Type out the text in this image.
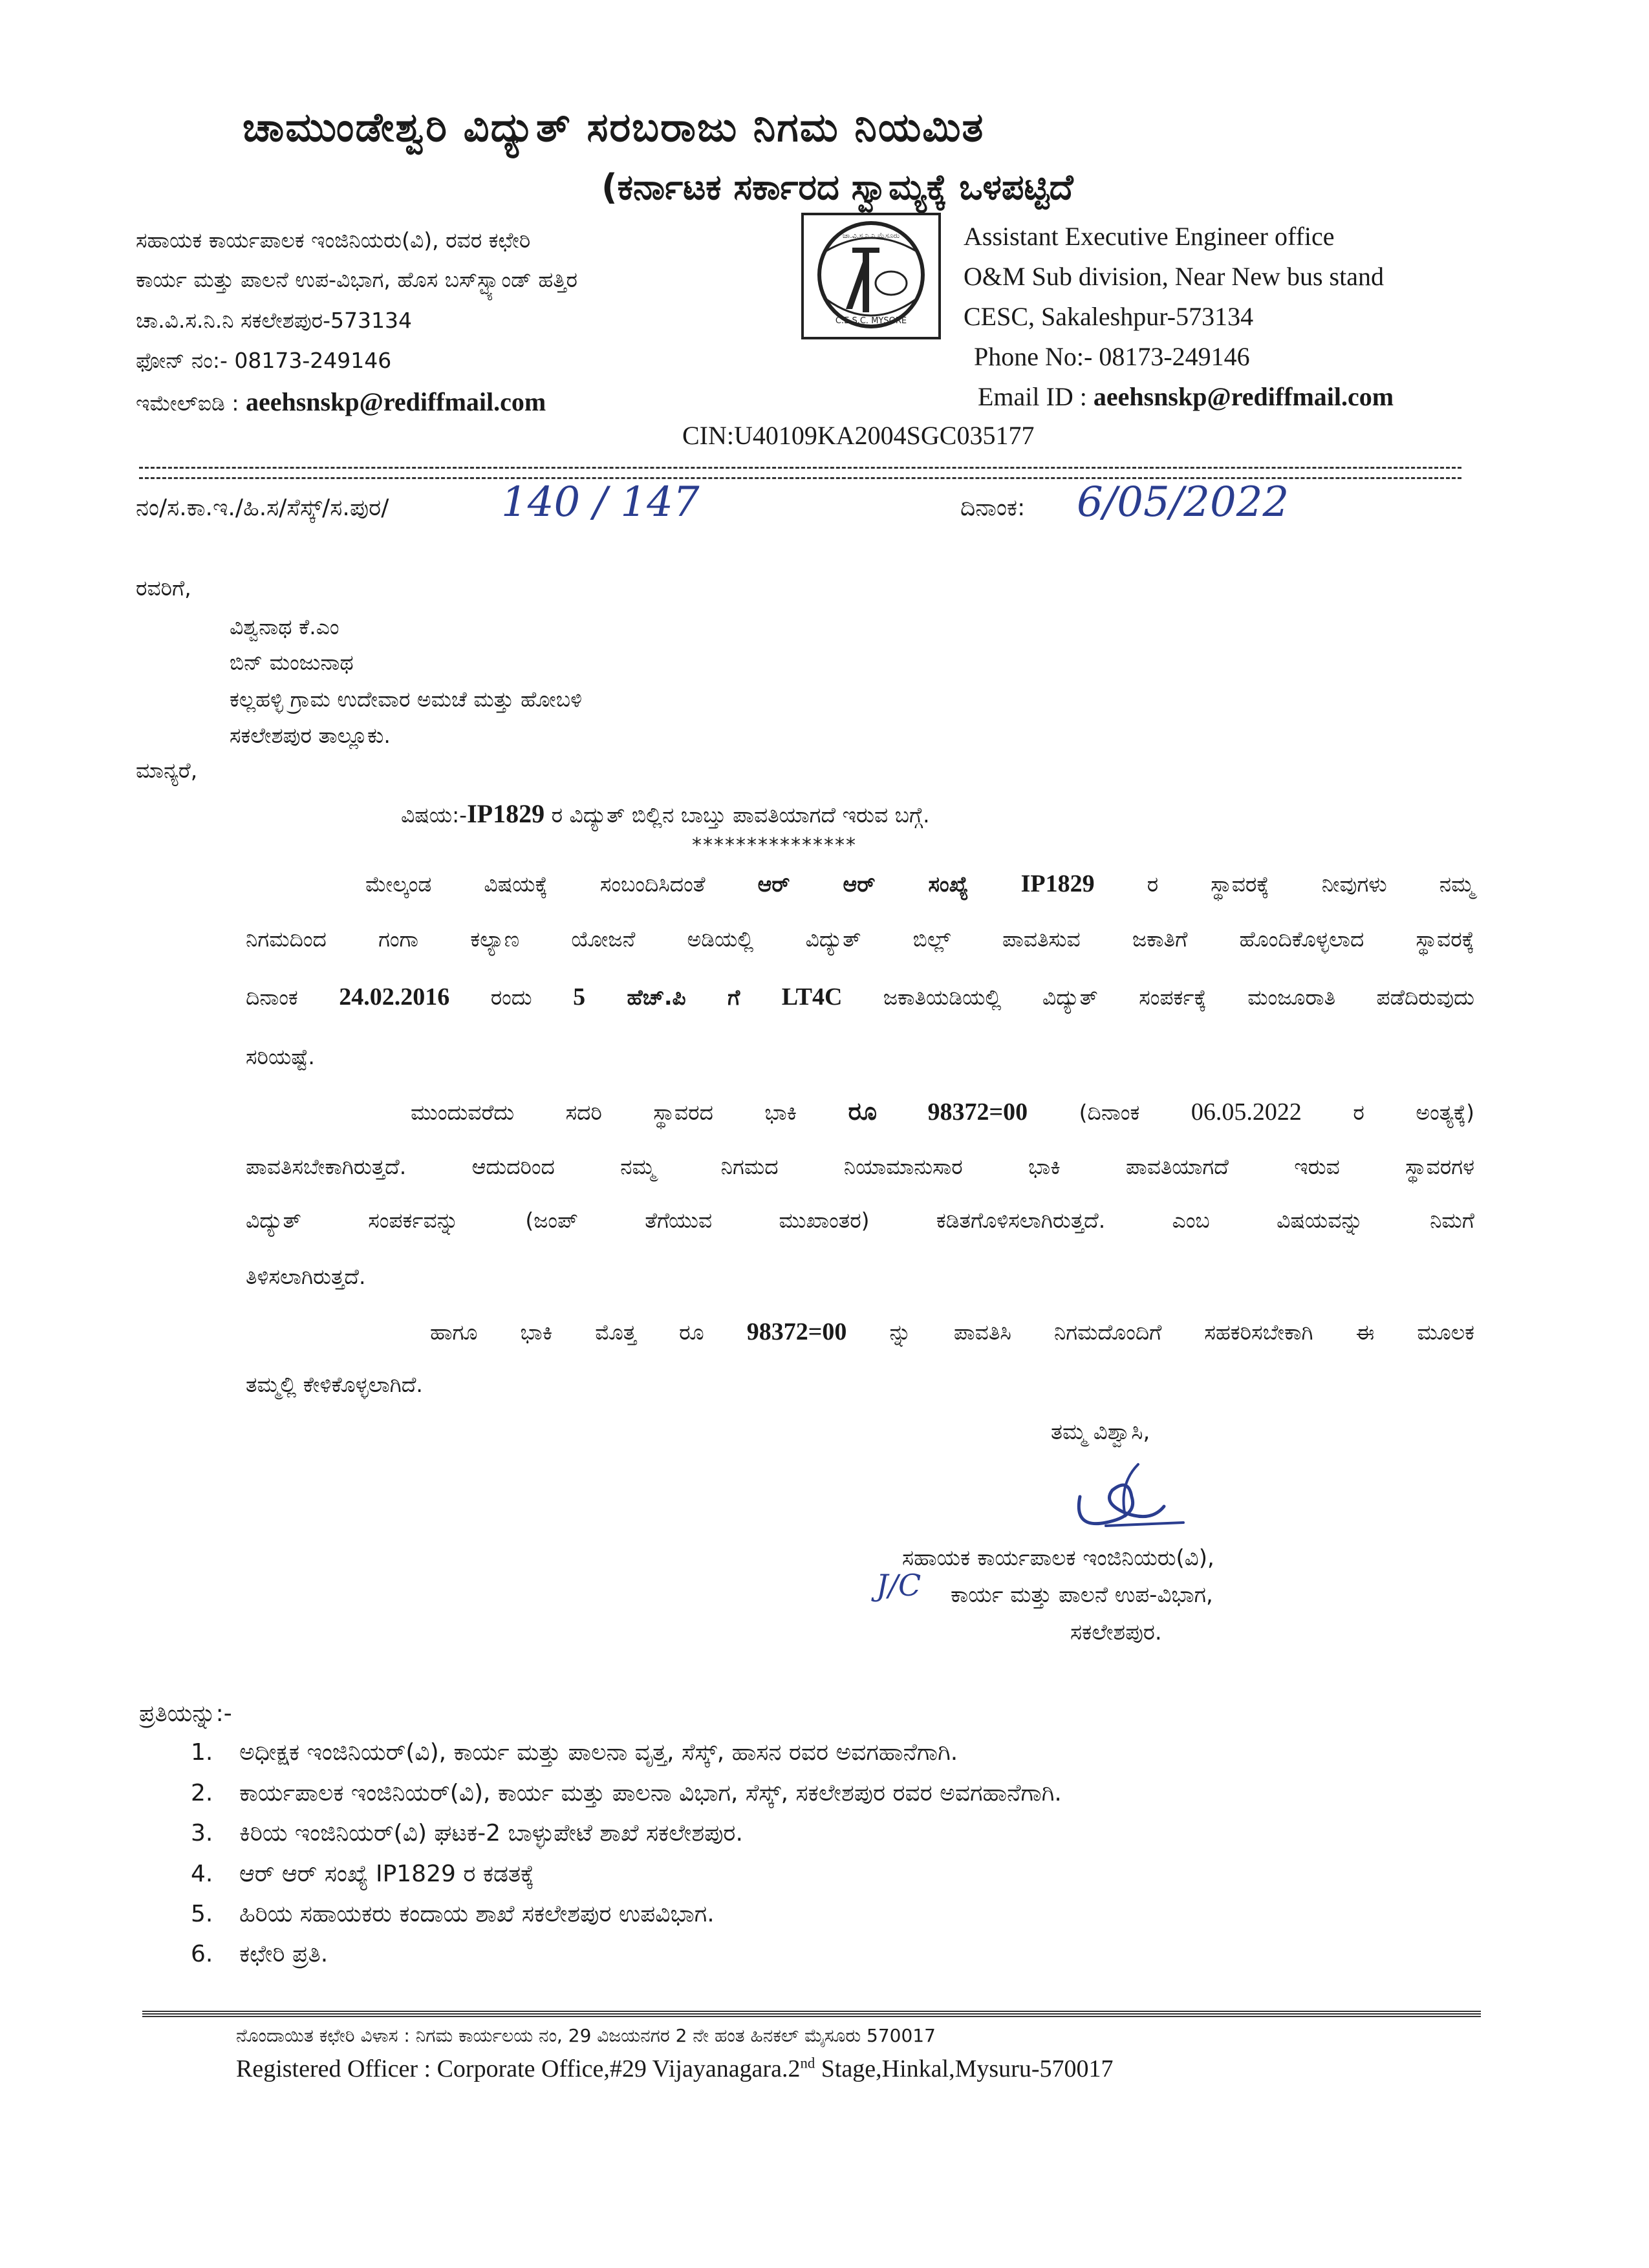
ಚಾಮುಂಡೇಶ್ವರಿ ವಿದ್ಯುತ್ ಸರಬರಾಜು ನಿಗಮ ನಿಯಮಿತ
(ಕರ್ನಾಟಕ ಸರ್ಕಾರದ ಸ್ವಾಮ್ಯಕ್ಕೆ ಒಳಪಟ್ಟಿದೆ
ಸಹಾಯಕ ಕಾರ್ಯಪಾಲಕ ಇಂಜಿನಿಯರು(ವಿ), ರವರ ಕಛೇರಿ
ಕಾರ್ಯ ಮತ್ತು ಪಾಲನೆ ಉಪ-ವಿಭಾಗ, ಹೊಸ ಬಸ್‌ಸ್ಟ್ಯಾಂಡ್ ಹತ್ತಿರ
ಚಾ.ವಿ.ಸ.ನಿ.ನಿ ಸಕಲೇಶಪುರ-573134
ಫೋನ್ ನಂ:- 08173-249146
ಇಮೇಲ್‌ಐಡಿ : aeehsnskp@rediffmail.com
ಚಾ.ವಿ.ಸ.ನಿ.ನಿ ಮೈಸೂರು
C.E.S.C. MYSORE
Assistant Executive Engineer office
O&M Sub division, Near New bus stand
CESC, Sakaleshpur-573134
Phone No:- 08173-249146
Email ID : aeehsnskp@rediffmail.com
CIN:U40109KA2004SGC035177
ನಂ/ಸ.ಕಾ.ಇ./ಹಿ.ಸ/ಸೆಸ್ಕ್/ಸ.ಪುರ/	140 / 147	ದಿನಾಂಕ: 6/05/2022
ರವರಿಗೆ,
ವಿಶ್ವನಾಥ ಕೆ.ಎಂ
ಬಿನ್ ಮಂಜುನಾಥ
ಕಲ್ಲಹಳ್ಳಿ ಗ್ರಾಮ ಉದೇವಾರ ಅಮಚೆ ಮತ್ತು ಹೋಬಳಿ
ಸಕಲೇಶಪುರ ತಾಲ್ಲೂಕು.
ಮಾನ್ಯರೆ,
ವಿಷಯ:-IP1829 ರ ವಿದ್ಯುತ್ ಬಿಲ್ಲಿನ ಬಾಬ್ತು ಪಾವತಿಯಾಗದೆ ಇರುವ ಬಗ್ಗೆ.
***************
ಮೇಲ್ಕಂಡ ವಿಷಯಕ್ಕೆ ಸಂಬಂದಿಸಿದಂತೆ ಆರ್ ಆರ್ ಸಂಖ್ಯೆ IP1829 ರ ಸ್ಥಾವರಕ್ಕೆ ನೀವುಗಳು ನಮ್ಮ
ನಿಗಮದಿಂದ ಗಂಗಾ ಕಲ್ಯಾಣ ಯೋಜನೆ ಅಡಿಯಲ್ಲಿ ವಿದ್ಯುತ್ ಬಿಲ್ಲ್ ಪಾವತಿಸುವ ಜಕಾತಿಗೆ ಹೊಂದಿಕೊಳ್ಳಲಾದ ಸ್ಥಾವರಕ್ಕೆ
ದಿನಾಂಕ 24.02.2016 ರಂದು 5 ಹೆಚ್.ಪಿ ಗೆ LT4C ಜಕಾತಿಯಡಿಯಲ್ಲಿ ವಿದ್ಯುತ್ ಸಂಪರ್ಕಕ್ಕೆ ಮಂಜೂರಾತಿ ಪಡೆದಿರುವುದು
ಸರಿಯಷ್ಟೆ.
ಮುಂದುವರೆದು ಸದರಿ ಸ್ಥಾವರದ ಭಾಕಿ ರೂ 98372=00 (ದಿನಾಂಕ 06.05.2022 ರ ಅಂತ್ಯಕ್ಕೆ)
ಪಾವತಿಸಬೇಕಾಗಿರುತ್ತದೆ. ಆದುದರಿಂದ ನಮ್ಮ ನಿಗಮದ ನಿಯಾಮಾನುಸಾರ ಭಾಕಿ ಪಾವತಿಯಾಗದೆ ಇರುವ ಸ್ಥಾವರಗಳ
ವಿದ್ಯುತ್ ಸಂಪರ್ಕವನ್ನು (ಜಂಪ್ ತೆಗೆಯುವ ಮುಖಾಂತರ) ಕಡಿತಗೊಳಿಸಲಾಗಿರುತ್ತದೆ. ಎಂಬ ವಿಷಯವನ್ನು ನಿಮಗೆ
ತಿಳಿಸಲಾಗಿರುತ್ತದೆ.
ಹಾಗೂ ಭಾಕಿ ಮೊತ್ತ ರೂ 98372=00 ನ್ನು ಪಾವತಿಸಿ ನಿಗಮದೊಂದಿಗೆ ಸಹಕರಿಸಬೇಕಾಗಿ ಈ ಮೂಲಕ
ತಮ್ಮಲ್ಲಿ ಕೇಳಿಕೊಳ್ಳಲಾಗಿದೆ.
ತಮ್ಮ ವಿಶ್ವಾಸಿ,
ಸಹಾಯಕ ಕಾರ್ಯಪಾಲಕ ಇಂಜಿನಿಯರು(ವಿ),
J/C ಕಾರ್ಯ ಮತ್ತು ಪಾಲನೆ ಉಪ-ವಿಭಾಗ,
ಸಕಲೇಶಪುರ.
ಪ್ರತಿಯನ್ನು:-
1. ಅಧೀಕ್ಷಕ ಇಂಜಿನಿಯರ್(ವಿ), ಕಾರ್ಯ ಮತ್ತು ಪಾಲನಾ ವೃತ್ತ, ಸೆಸ್ಕ್, ಹಾಸನ ರವರ ಅವಗಹಾನೆಗಾಗಿ.
2. ಕಾರ್ಯಪಾಲಕ ಇಂಜಿನಿಯರ್(ವಿ), ಕಾರ್ಯ ಮತ್ತು ಪಾಲನಾ ವಿಭಾಗ, ಸೆಸ್ಕ್, ಸಕಲೇಶಪುರ ರವರ ಅವಗಹಾನೆಗಾಗಿ.
3. ಕಿರಿಯ ಇಂಜಿನಿಯರ್(ವಿ) ಘಟಕ-2 ಬಾಳ್ಳುಪೇಟೆ ಶಾಖೆ ಸಕಲೇಶಪುರ.
4. ಆರ್ ಆರ್ ಸಂಖ್ಯೆ IP1829 ರ ಕಡತಕ್ಕೆ
5. ಹಿರಿಯ ಸಹಾಯಕರು ಕಂದಾಯ ಶಾಖೆ ಸಕಲೇಶಪುರ ಉಪವಿಭಾಗ.
6. ಕಛೇರಿ ಪ್ರತಿ.
ನೊಂದಾಯಿತ ಕಛೇರಿ ವಿಳಾಸ : ನಿಗಮ ಕಾರ್ಯಲಯ ನಂ, 29 ವಿಜಯನಗರ 2 ನೇ ಹಂತ ಹಿನಕಲ್ ಮೈಸೂರು 570017
Registered Officer : Corporate Office,#29 Vijayanagara.2nd Stage,Hinkal,Mysuru-570017
